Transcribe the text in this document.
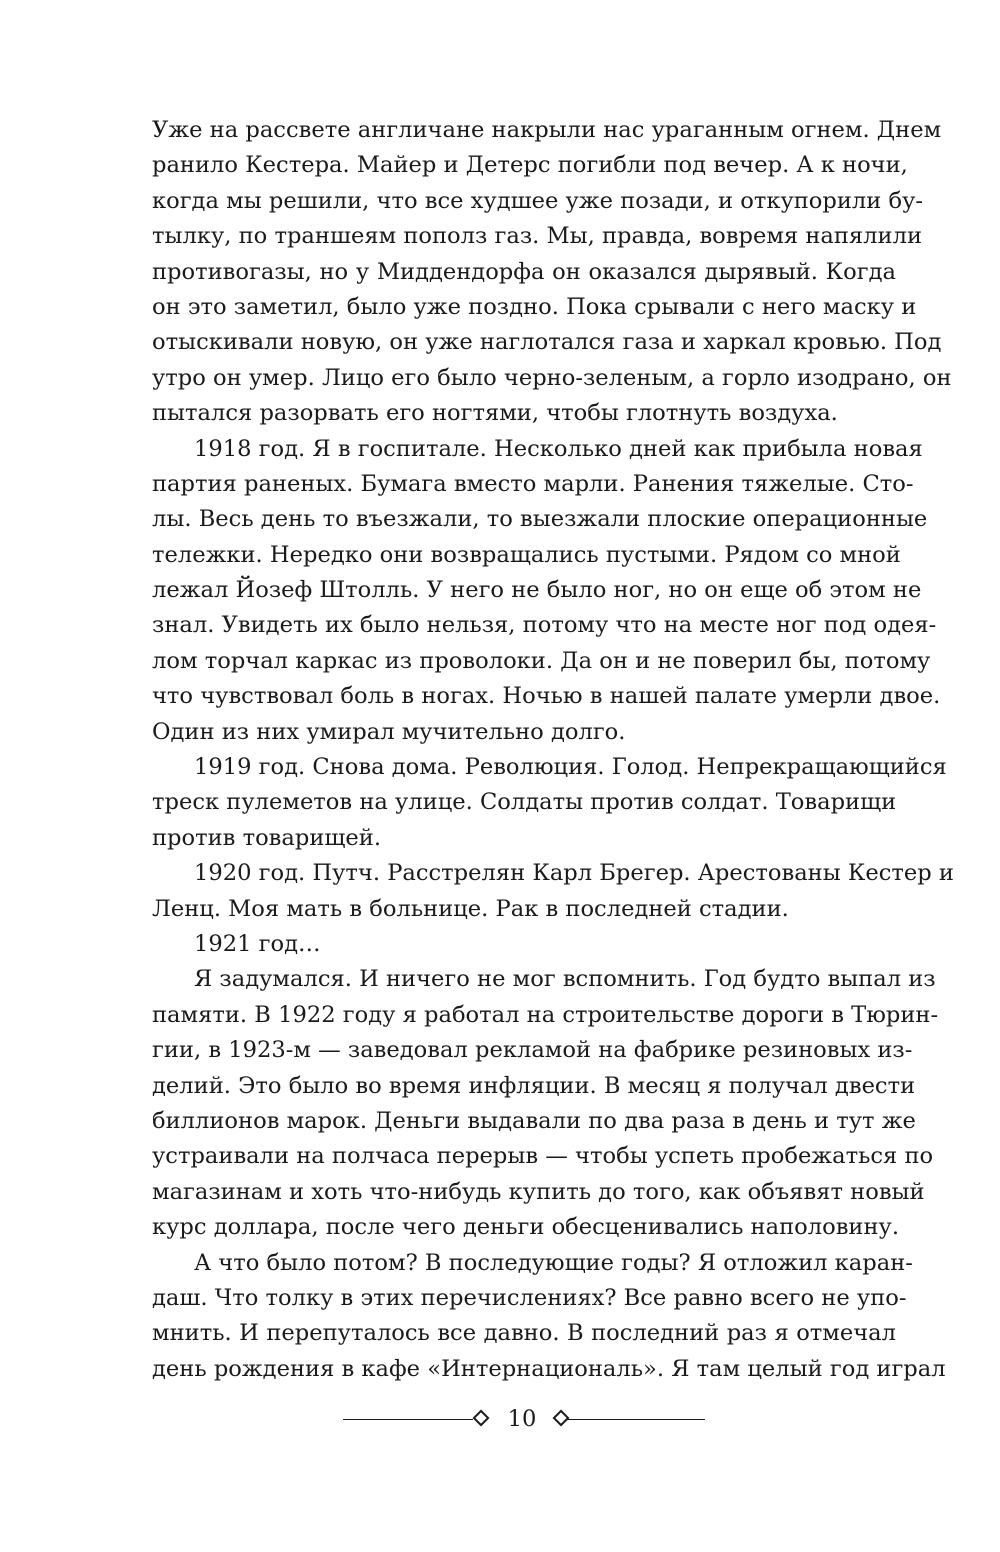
Уже на рассвете англичане накрыли нас ураганным огнем. Днем
ранило Кестера. Майер и Детерс погибли под вечер. А к ночи,
когда мы решили, что все худшее уже позади, и откупорили бу-
тылку, по траншеям пополз газ. Мы, правда, вовремя напялили
противогазы, но у Миддендорфа он оказался дырявый. Когда
он это заметил, было уже поздно. Пока срывали с него маску и
отыскивали новую, он уже наглотался газа и харкал кровью. Под
утро он умер. Лицо его было черно-зеленым, а горло изодрано, он
пытался разорвать его ногтями, чтобы глотнуть воздуха.
1918 год. Я в госпитале. Несколько дней как прибыла новая
партия раненых. Бумага вместо марли. Ранения тяжелые. Сто-
лы. Весь день то въезжали, то выезжали плоские операционные
тележки. Нередко они возвращались пустыми. Рядом со мной
лежал Йозеф Штолль. У него не было ног, но он еще об этом не
знал. Увидеть их было нельзя, потому что на месте ног под одея-
лом торчал каркас из проволоки. Да он и не поверил бы, потому
что чувствовал боль в ногах. Ночью в нашей палате умерли двое.
Один из них умирал мучительно долго.
1919 год. Снова дома. Революция. Голод. Непрекращающийся
треск пулеметов на улице. Солдаты против солдат. Товарищи
против товарищей.
1920 год. Путч. Расстрелян Карл Брегер. Арестованы Кестер и
Ленц. Моя мать в больнице. Рак в последней стадии.
1921 год…
Я задумался. И ничего не мог вспомнить. Год будто выпал из
памяти. В 1922 году я работал на строительстве дороги в Тюрин-
гии, в 1923-м — заведовал рекламой на фабрике резиновых из-
делий. Это было во время инфляции. В месяц я получал двести
биллионов марок. Деньги выдавали по два раза в день и тут же
устраивали на полчаса перерыв — чтобы успеть пробежаться по
магазинам и хоть что-нибудь купить до того, как объявят новый
курс доллара, после чего деньги обесценивались наполовину.
А что было потом? В последующие годы? Я отложил каран-
даш. Что толку в этих перечислениях? Все равно всего не упо-
мнить. И перепуталось все давно. В последний раз я отмечал
день рождения в кафе «Интернациональ». Я там целый год играл
10
